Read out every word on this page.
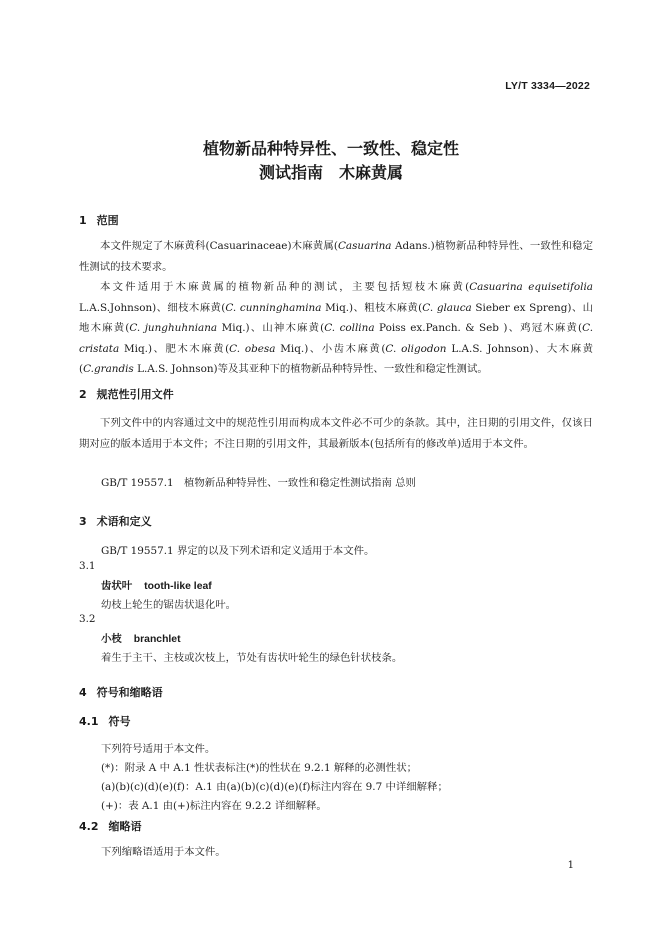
LY/T 3334—2022
植物新品种特异性、一致性、稳定性
测试指南　木麻黄属
1 范围
本文件规定了木麻黄科(Casuarinaceae)木麻黄属(Casuarina Adans.)植物新品种特异性、一致性和稳定性测试的技术要求。
本文件适用于木麻黄属的植物新品种的测试，主要包括短枝木麻黄(Casuarina equisetifolia L.A.S.Johnson)、细枝木麻黄(C. cunninghamina Miq.)、粗枝木麻黄(C. glauca Sieber ex Spreng)、山地木麻黄(C. junghuhniana Miq.)、山神木麻黄(C. collina Poiss ex.Panch. & Seb )、鸡冠木麻黄(C. cristata Miq.)、肥木木麻黄(C. obesa Miq.)、小齿木麻黄(C. oligodon L.A.S. Johnson)、大木麻黄(C.grandis L.A.S. Johnson)等及其亚种下的植物新品种特异性、一致性和稳定性测试。
2 规范性引用文件
下列文件中的内容通过文中的规范性引用而构成本文件必不可少的条款。其中，注日期的引用文件，仅该日期对应的版本适用于本文件；不注日期的引用文件，其最新版本(包括所有的修改单)适用于本文件。
GB/T 19557.1　植物新品种特异性、一致性和稳定性测试指南 总则
3 术语和定义
GB/T 19557.1 界定的以及下列术语和定义适用于本文件。
3.1
齿状叶 tooth-like leaf
幼枝上轮生的锯齿状退化叶。
3.2
小枝 branchlet
着生于主干、主枝或次枝上，节处有齿状叶轮生的绿色针状枝条。
4 符号和缩略语
4.1 符号
下列符号适用于本文件。
(*)：附录 A 中 A.1 性状表标注(*)的性状在 9.2.1 解释的必测性状；
(a)(b)(c)(d)(e)(f)：A.1 由(a)(b)(c)(d)(e)(f)标注内容在 9.7 中详细解释；
(+)：表 A.1 由(+)标注内容在 9.2.2 详细解释。
4.2 缩略语
下列缩略语适用于本文件。
1
